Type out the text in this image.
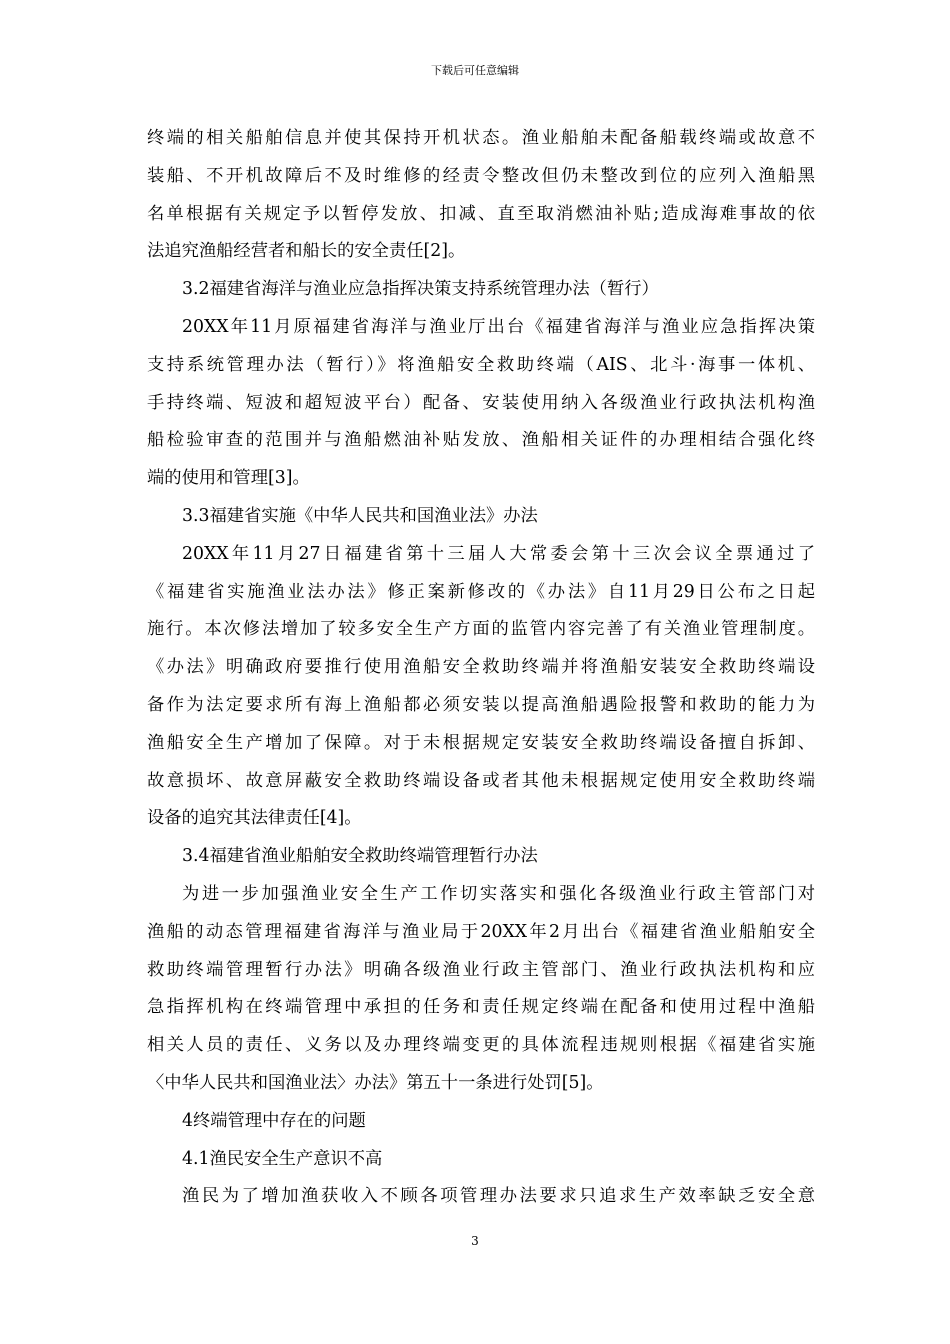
下载后可任意编辑
终端的相关船舶信息并使其保持开机状态。渔业船舶未配备船载终端或故意不
装船、不开机故障后不及时维修的经责令整改但仍未整改到位的应列入渔船黑
名单根据有关规定予以暂停发放、扣减、直至取消燃油补贴;造成海难事故的依
法追究渔船经营者和船长的安全责任[2]。
3.2福建省海洋与渔业应急指挥决策支持系统管理办法（暂行）
20XX年11月原福建省海洋与渔业厅出台《福建省海洋与渔业应急指挥决策
支持系统管理办法（暂行）》将渔船安全救助终端（AIS、北斗·海事一体机、
手持终端、短波和超短波平台）配备、安装使用纳入各级渔业行政执法机构渔
船检验审查的范围并与渔船燃油补贴发放、渔船相关证件的办理相结合强化终
端的使用和管理[3]。
3.3福建省实施《中华人民共和国渔业法》办法
20XX年11月27日福建省第十三届人大常委会第十三次会议全票通过了
《福建省实施渔业法办法》修正案新修改的《办法》自11月29日公布之日起
施行。本次修法增加了较多安全生产方面的监管内容完善了有关渔业管理制度。
《办法》明确政府要推行使用渔船安全救助终端并将渔船安装安全救助终端设
备作为法定要求所有海上渔船都必须安装以提高渔船遇险报警和救助的能力为
渔船安全生产增加了保障。对于未根据规定安装安全救助终端设备擅自拆卸、
故意损坏、故意屏蔽安全救助终端设备或者其他未根据规定使用安全救助终端
设备的追究其法律责任[4]。
3.4福建省渔业船舶安全救助终端管理暂行办法
为进一步加强渔业安全生产工作切实落实和强化各级渔业行政主管部门对
渔船的动态管理福建省海洋与渔业局于20XX年2月出台《福建省渔业船舶安全
救助终端管理暂行办法》明确各级渔业行政主管部门、渔业行政执法机构和应
急指挥机构在终端管理中承担的任务和责任规定终端在配备和使用过程中渔船
相关人员的责任、义务以及办理终端变更的具体流程违规则根据《福建省实施
〈中华人民共和国渔业法〉办法》第五十一条进行处罚[5]。
4终端管理中存在的问题
4.1渔民安全生产意识不高
渔民为了增加渔获收入不顾各项管理办法要求只追求生产效率缺乏安全意
3
